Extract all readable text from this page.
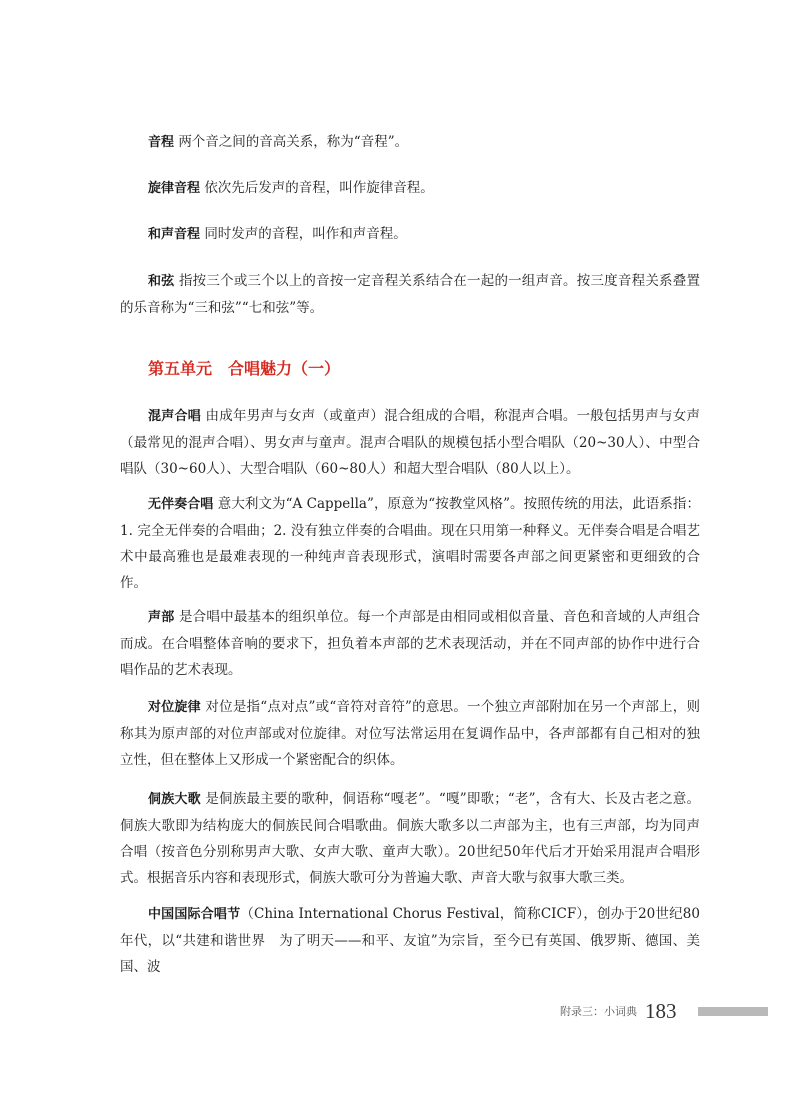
音程 两个音之间的音高关系，称为“音程”。

旋律音程 依次先后发声的音程，叫作旋律音程。

和声音程 同时发声的音程，叫作和声音程。

和弦 指按三个或三个以上的音按一定音程关系结合在一起的一组声音。按三度音程关系叠置的乐音称为“三和弦”“七和弦”等。

第五单元　合唱魅力（一）

混声合唱 由成年男声与女声（或童声）混合组成的合唱，称混声合唱。一般包括男声与女声（最常见的混声合唱）、男女声与童声。混声合唱队的规模包括小型合唱队（20~30人）、中型合唱队（30~60人）、大型合唱队（60~80人）和超大型合唱队（80人以上）。

无伴奏合唱 意大利文为“A Cappella”，原意为“按教堂风格”。按照传统的用法，此语系指：1. 完全无伴奏的合唱曲；2. 没有独立伴奏的合唱曲。现在只用第一种释义。无伴奏合唱是合唱艺术中最高雅也是最难表现的一种纯声音表现形式，演唱时需要各声部之间更紧密和更细致的合作。

声部 是合唱中最基本的组织单位。每一个声部是由相同或相似音量、音色和音域的人声组合而成。在合唱整体音响的要求下，担负着本声部的艺术表现活动，并在不同声部的协作中进行合唱作品的艺术表现。

对位旋律 对位是指“点对点”或“音符对音符”的意思。一个独立声部附加在另一个声部上，则称其为原声部的对位声部或对位旋律。对位写法常运用在复调作品中，各声部都有自己相对的独立性，但在整体上又形成一个紧密配合的织体。

侗族大歌 是侗族最主要的歌种，侗语称“嘎老”。“嘎”即歌；“老”，含有大、长及古老之意。侗族大歌即为结构庞大的侗族民间合唱歌曲。侗族大歌多以二声部为主，也有三声部，均为同声合唱（按音色分别称男声大歌、女声大歌、童声大歌）。20世纪50年代后才开始采用混声合唱形式。根据音乐内容和表现形式，侗族大歌可分为普遍大歌、声音大歌与叙事大歌三类。

中国国际合唱节（China International Chorus Festival，简称CICF），创办于20世纪80年代，以“共建和谐世界　为了明天——和平、友谊”为宗旨，至今已有英国、俄罗斯、德国、美国、波

附录三：小词典 183
